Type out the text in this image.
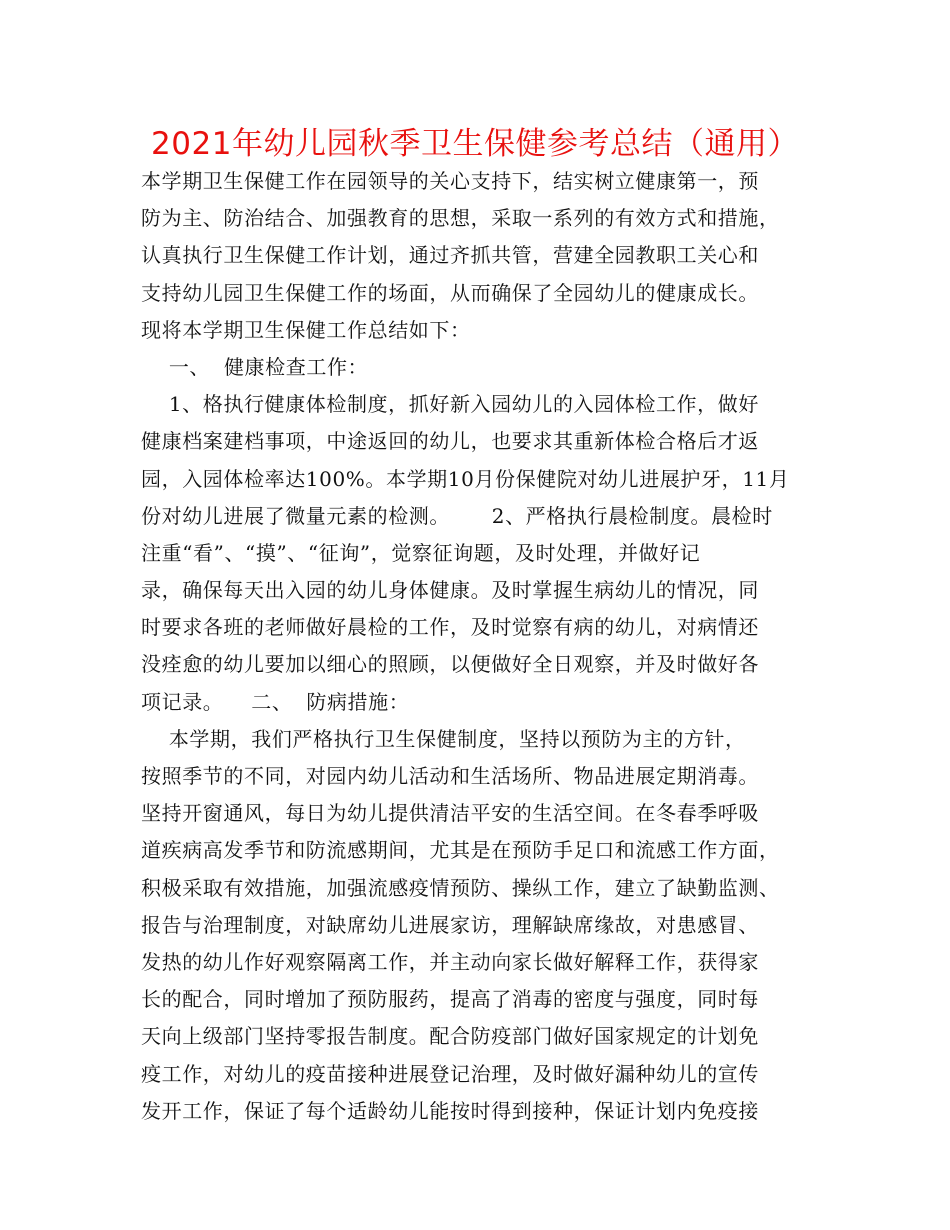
2021年幼儿园秋季卫生保健参考总结（通用）
本学期卫生保健工作在园领导的关心支持下，结实树立健康第一，预
防为主、防治结合、加强教育的思想，采取一系列的有效方式和措施，
认真执行卫生保健工作计划，通过齐抓共管，营建全园教职工关心和
支持幼儿园卫生保健工作的场面，从而确保了全园幼儿的健康成长。
现将本学期卫生保健工作总结如下：
一、  健康检查工作：
1、格执行健康体检制度，抓好新入园幼儿的入园体检工作，做好
健康档案建档事项，中途返回的幼儿，也要求其重新体检合格后才返
园，入园体检率达100%。本学期10月份保健院对幼儿进展护牙，11月
份对幼儿进展了微量元素的检测。      2、严格执行晨检制度。晨检时
注重“看”、“摸”、“征询”，觉察征询题，及时处理，并做好记
录，确保每天出入园的幼儿身体健康。及时掌握生病幼儿的情况，同
时要求各班的老师做好晨检的工作，及时觉察有病的幼儿，对病情还
没痊愈的幼儿要加以细心的照顾，以便做好全日观察，并及时做好各
项记录。    二、  防病措施：
本学期，我们严格执行卫生保健制度，坚持以预防为主的方针，
按照季节的不同，对园内幼儿活动和生活场所、物品进展定期消毒。
坚持开窗通风，每日为幼儿提供清洁平安的生活空间。在冬春季呼吸
道疾病高发季节和防流感期间，尤其是在预防手足口和流感工作方面，
积极采取有效措施，加强流感疫情预防、操纵工作，建立了缺勤监测、
报告与治理制度，对缺席幼儿进展家访，理解缺席缘故，对患感冒、
发热的幼儿作好观察隔离工作，并主动向家长做好解释工作，获得家
长的配合，同时增加了预防服药，提高了消毒的密度与强度，同时每
天向上级部门坚持零报告制度。配合防疫部门做好国家规定的计划免
疫工作，对幼儿的疫苗接种进展登记治理，及时做好漏种幼儿的宣传
发开工作，保证了每个适龄幼儿能按时得到接种，保证计划内免疫接
